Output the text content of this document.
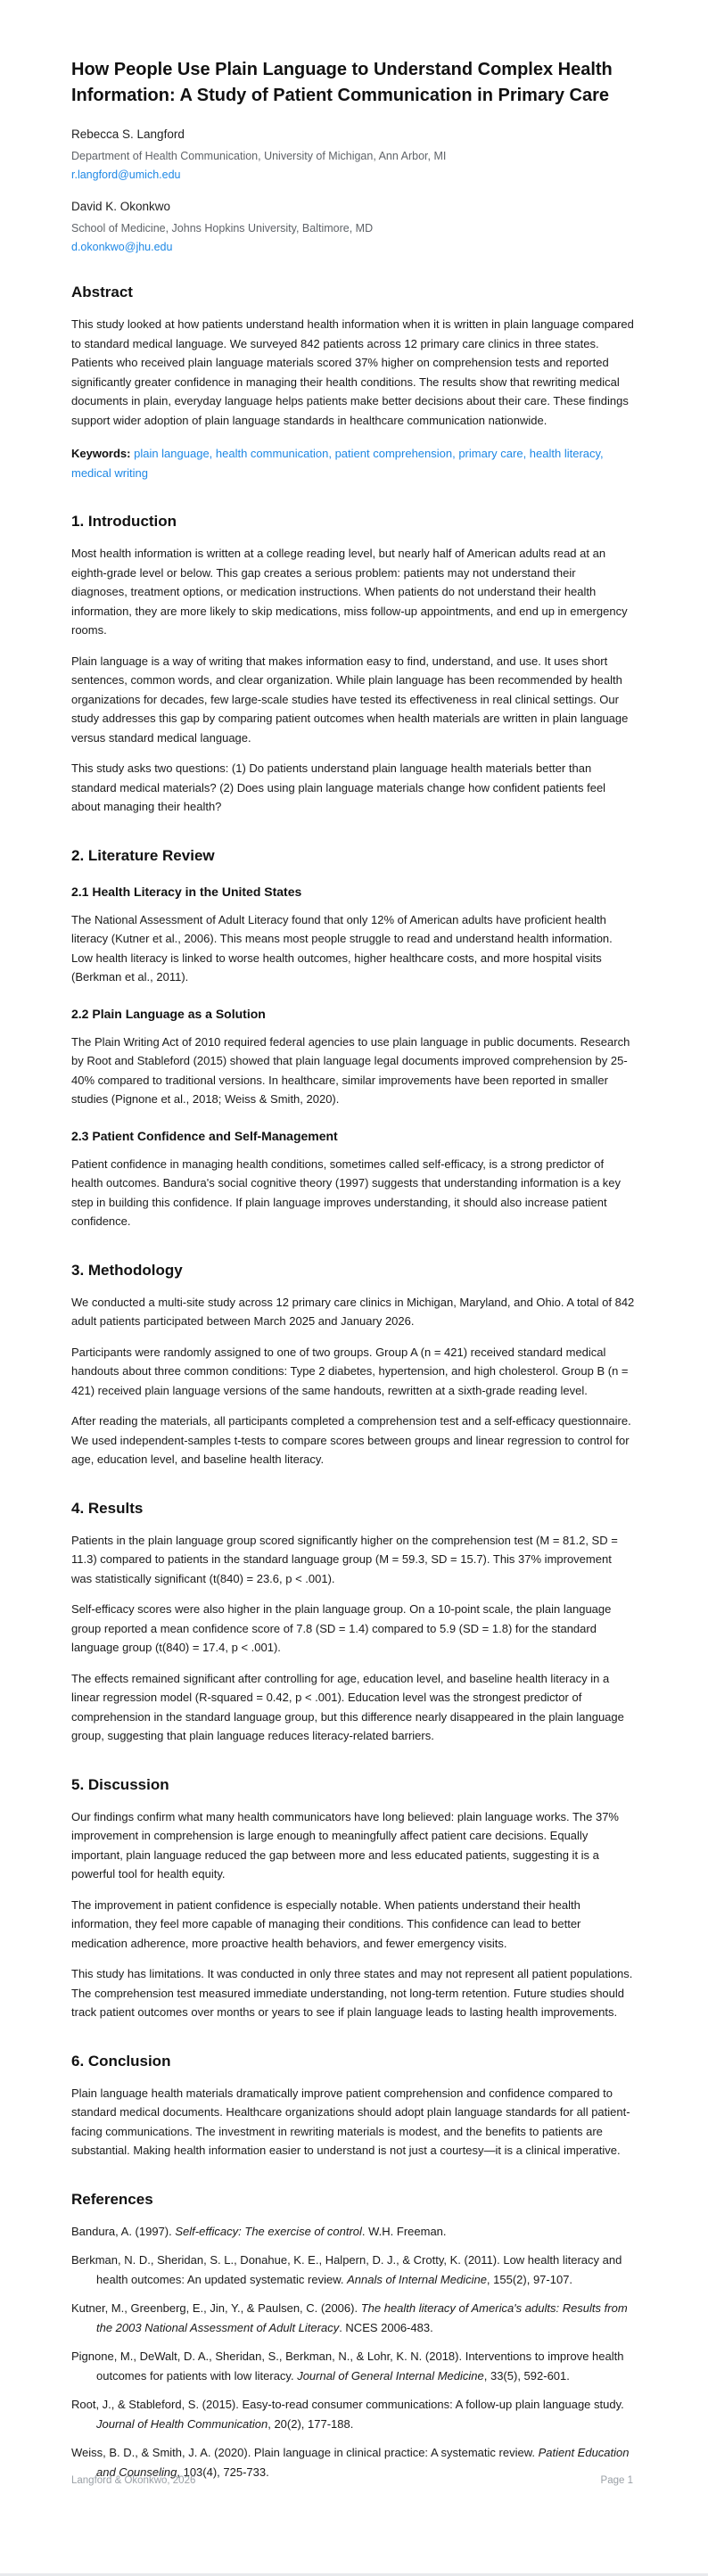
How People Use Plain Language to Understand Complex Health Information: A Study of Patient Communication in Primary Care
Rebecca S. Langford
Department of Health Communication, University of Michigan, Ann Arbor, MI
r.langford@umich.edu
David K. Okonkwo
School of Medicine, Johns Hopkins University, Baltimore, MD
d.okonkwo@jhu.edu
Abstract

This study looked at how patients understand health information when it is written in plain language compared to standard medical language. We surveyed 842 patients across 12 primary care clinics in three states. Patients who received plain language materials scored 37% higher on comprehension tests and reported significantly greater confidence in managing their health conditions. The results show that rewriting medical documents in plain, everyday language helps patients make better decisions about their care. These findings support wider adoption of plain language standards in healthcare communication nationwide.

Keywords: plain language, health communication, patient comprehension, primary care, health literacy, medical writing

1. Introduction

Most health information is written at a college reading level, but nearly half of American adults read at an eighth-grade level or below. This gap creates a serious problem: patients may not understand their diagnoses, treatment options, or medication instructions. When patients do not understand their health information, they are more likely to skip medications, miss follow-up appointments, and end up in emergency rooms.

Plain language is a way of writing that makes information easy to find, understand, and use. It uses short sentences, common words, and clear organization. While plain language has been recommended by health organizations for decades, few large-scale studies have tested its effectiveness in real clinical settings. Our study addresses this gap by comparing patient outcomes when health materials are written in plain language versus standard medical language.

This study asks two questions: (1) Do patients understand plain language health materials better than standard medical materials? (2) Does using plain language materials change how confident patients feel about managing their health?

2. Literature Review
2.1 Health Literacy in the United States

The National Assessment of Adult Literacy found that only 12% of American adults have proficient health literacy (Kutner et al., 2006). This means most people struggle to read and understand health information. Low health literacy is linked to worse health outcomes, higher healthcare costs, and more hospital visits (Berkman et al., 2011).

2.2 Plain Language as a Solution

The Plain Writing Act of 2010 required federal agencies to use plain language in public documents. Research by Root and Stableford (2015) showed that plain language legal documents improved comprehension by 25-40% compared to traditional versions. In healthcare, similar improvements have been reported in smaller studies (Pignone et al., 2018; Weiss & Smith, 2020).

2.3 Patient Confidence and Self-Management

Patient confidence in managing health conditions, sometimes called self-efficacy, is a strong predictor of health outcomes. Bandura's social cognitive theory (1997) suggests that understanding information is a key step in building this confidence. If plain language improves understanding, it should also increase patient confidence.

3. Methodology

We conducted a multi-site study across 12 primary care clinics in Michigan, Maryland, and Ohio. A total of 842 adult patients participated between March 2025 and January 2026.

Participants were randomly assigned to one of two groups. Group A (n = 421) received standard medical handouts about three common conditions: Type 2 diabetes, hypertension, and high cholesterol. Group B (n = 421) received plain language versions of the same handouts, rewritten at a sixth-grade reading level.

After reading the materials, all participants completed a comprehension test and a self-efficacy questionnaire. We used independent-samples t-tests to compare scores between groups and linear regression to control for age, education level, and baseline health literacy.

4. Results

Patients in the plain language group scored significantly higher on the comprehension test (M = 81.2, SD = 11.3) compared to patients in the standard language group (M = 59.3, SD = 15.7). This 37% improvement was statistically significant (t(840) = 23.6, p < .001).

Self-efficacy scores were also higher in the plain language group. On a 10-point scale, the plain language group reported a mean confidence score of 7.8 (SD = 1.4) compared to 5.9 (SD = 1.8) for the standard language group (t(840) = 17.4, p < .001).

The effects remained significant after controlling for age, education level, and baseline health literacy in a linear regression model (R-squared = 0.42, p < .001). Education level was the strongest predictor of comprehension in the standard language group, but this difference nearly disappeared in the plain language group, suggesting that plain language reduces literacy-related barriers.

5. Discussion

Our findings confirm what many health communicators have long believed: plain language works. The 37% improvement in comprehension is large enough to meaningfully affect patient care decisions. Equally important, plain language reduced the gap between more and less educated patients, suggesting it is a powerful tool for health equity.

The improvement in patient confidence is especially notable. When patients understand their health information, they feel more capable of managing their conditions. This confidence can lead to better medication adherence, more proactive health behaviors, and fewer emergency visits.

This study has limitations. It was conducted in only three states and may not represent all patient populations. The comprehension test measured immediate understanding, not long-term retention. Future studies should track patient outcomes over months or years to see if plain language leads to lasting health improvements.

6. Conclusion

Plain language health materials dramatically improve patient comprehension and confidence compared to standard medical documents. Healthcare organizations should adopt plain language standards for all patient-facing communications. The investment in rewriting materials is modest, and the benefits to patients are substantial. Making health information easier to understand is not just a courtesy—it is a clinical imperative.

References

Bandura, A. (1997). Self-efficacy: The exercise of control. W.H. Freeman.

Berkman, N. D., Sheridan, S. L., Donahue, K. E., Halpern, D. J., & Crotty, K. (2011). Low health literacy and health outcomes: An updated systematic review. Annals of Internal Medicine, 155(2), 97-107.

Kutner, M., Greenberg, E., Jin, Y., & Paulsen, C. (2006). The health literacy of America's adults: Results from the 2003 National Assessment of Adult Literacy. NCES 2006-483.

Pignone, M., DeWalt, D. A., Sheridan, S., Berkman, N., & Lohr, K. N. (2018). Interventions to improve health outcomes for patients with low literacy. Journal of General Internal Medicine, 33(5), 592-601.

Root, J., & Stableford, S. (2015). Easy-to-read consumer communications: A follow-up plain language study. Journal of Health Communication, 20(2), 177-188.

Weiss, B. D., & Smith, J. A. (2020). Plain language in clinical practice: A systematic review. Patient Education and Counseling, 103(4), 725-733.

Langford & Okonkwo, 2026	Page 1
